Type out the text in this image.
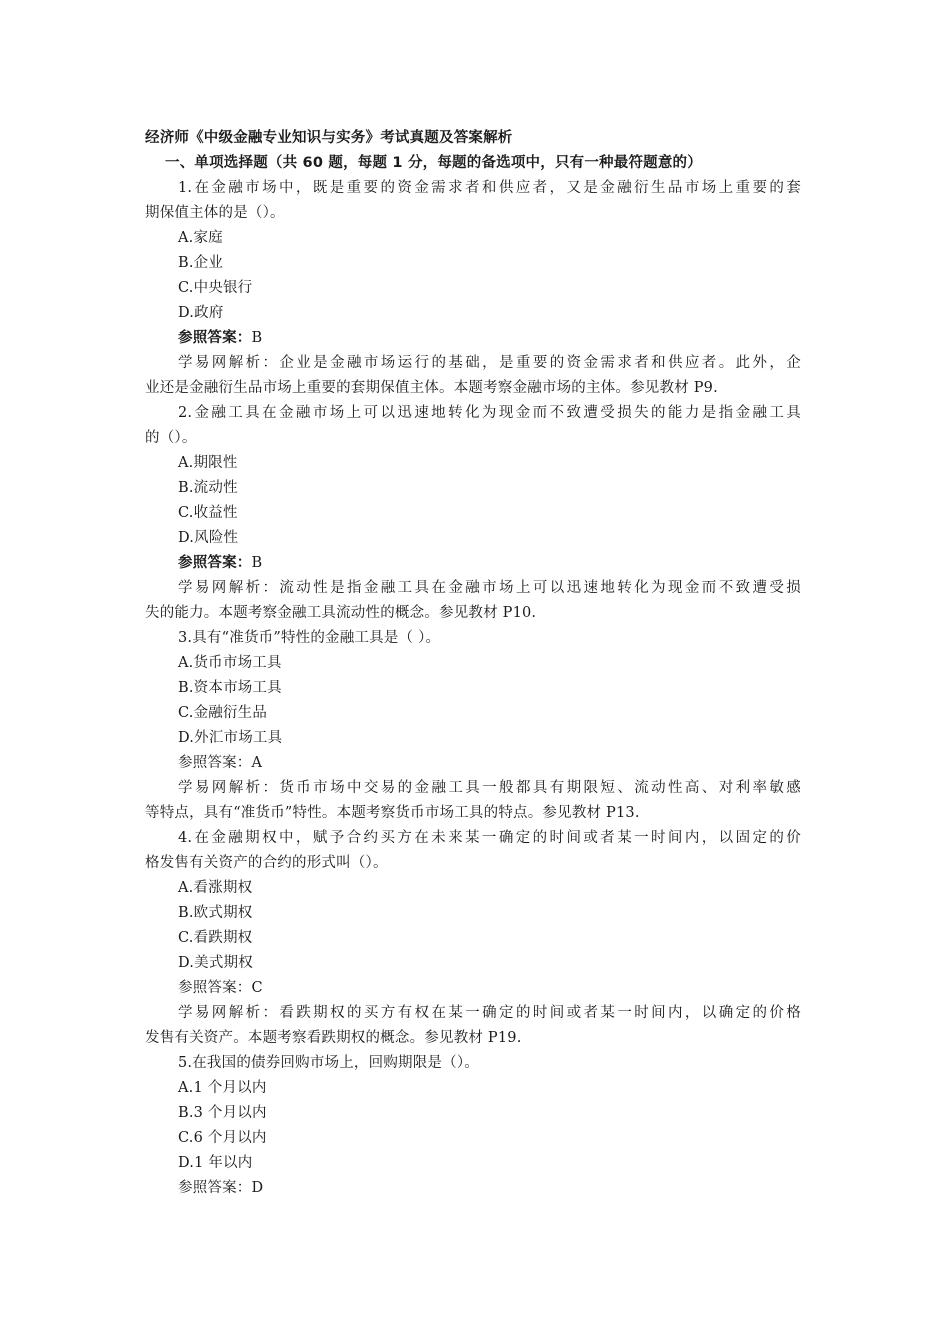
经济师《中级金融专业知识与实务》考试真题及答案解析
一、单项选择题（共 60 题，每题 1 分，每题的备选项中，只有一种最符题意的）
1.在金融市场中，既是重要的资金需求者和供应者，又是金融衍生品市场上重要的套
期保值主体的是（）。
A.家庭
B.企业
C.中央银行
D.政府
参照答案：B
学易网解析：企业是金融市场运行的基础，是重要的资金需求者和供应者。此外，企
业还是金融衍生品市场上重要的套期保值主体。本题考察金融市场的主体。参见教材 P9.
2.金融工具在金融市场上可以迅速地转化为现金而不致遭受损失的能力是指金融工具
的（）。
A.期限性
B.流动性
C.收益性
D.风险性
参照答案：B
学易网解析：流动性是指金融工具在金融市场上可以迅速地转化为现金而不致遭受损
失的能力。本题考察金融工具流动性的概念。参见教材 P10.
3.具有“准货币”特性的金融工具是（ ）。
A.货币市场工具
B.资本市场工具
C.金融衍生品
D.外汇市场工具
参照答案：A
学易网解析：货币市场中交易的金融工具一般都具有期限短、流动性高、对利率敏感
等特点，具有“准货币”特性。本题考察货币市场工具的特点。参见教材 P13.
4.在金融期权中，赋予合约买方在未来某一确定的时间或者某一时间内，以固定的价
格发售有关资产的合约的形式叫（）。
A.看涨期权
B.欧式期权
C.看跌期权
D.美式期权
参照答案：C
学易网解析：看跌期权的买方有权在某一确定的时间或者某一时间内，以确定的价格
发售有关资产。本题考察看跌期权的概念。参见教材 P19.
5.在我国的债券回购市场上，回购期限是（）。
A.1 个月以内
B.3 个月以内
C.6 个月以内
D.1 年以内
参照答案：D
